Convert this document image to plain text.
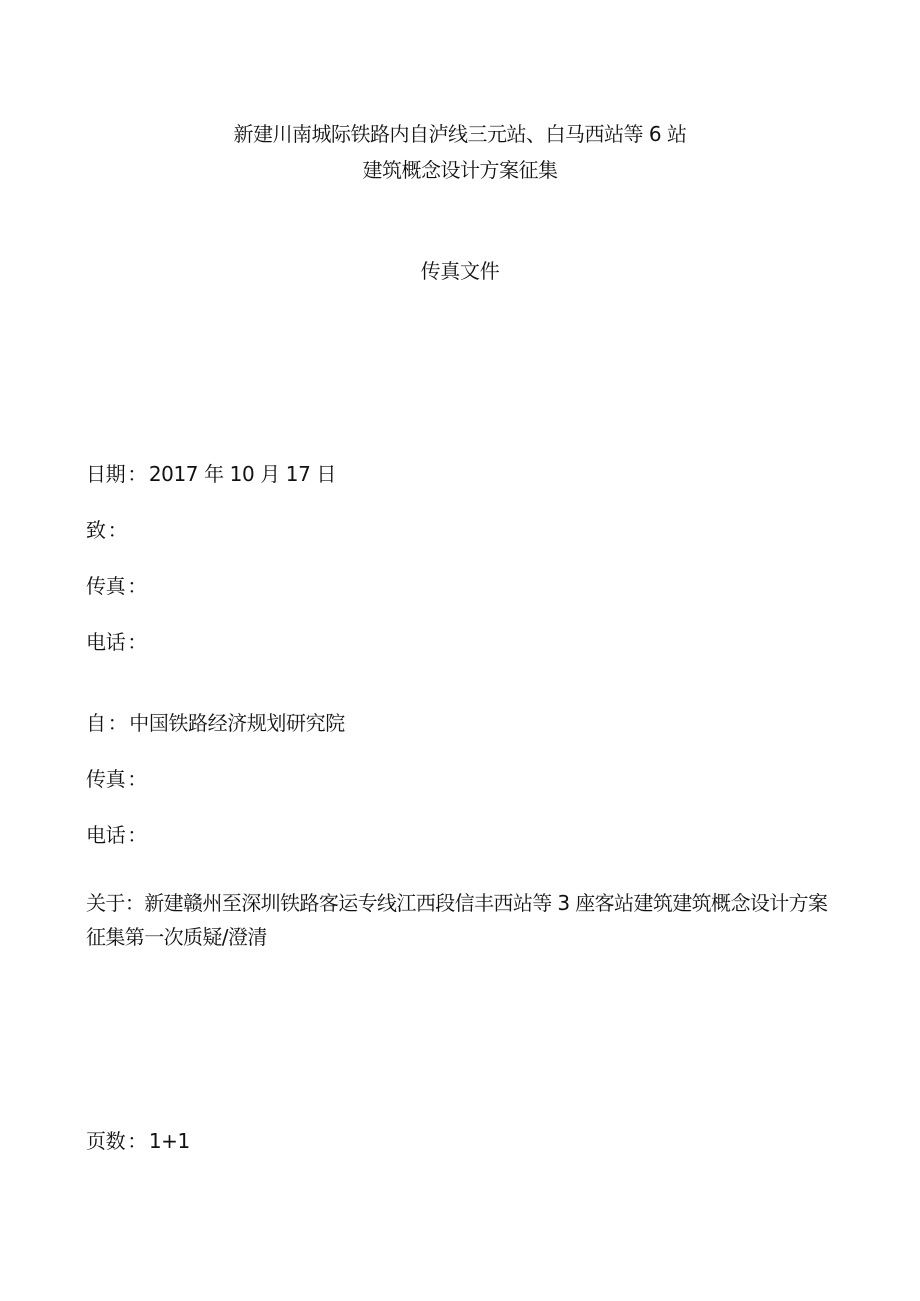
新建川南城际铁路内自泸线三元站、白马西站等 6 站
建筑概念设计方案征集
传真文件
日期 ： 2017 年 10 月 17 日
致 ：
传真 ：
电话 ：
自 ： 中国铁路经济规划研究院
传真 ：
电话 ：
关于：新建赣州至深圳铁路客运专线江西段信丰西站等 3 座客站建筑建筑概念设计方案征集第一次质疑/澄清
页数 ： 1+1
